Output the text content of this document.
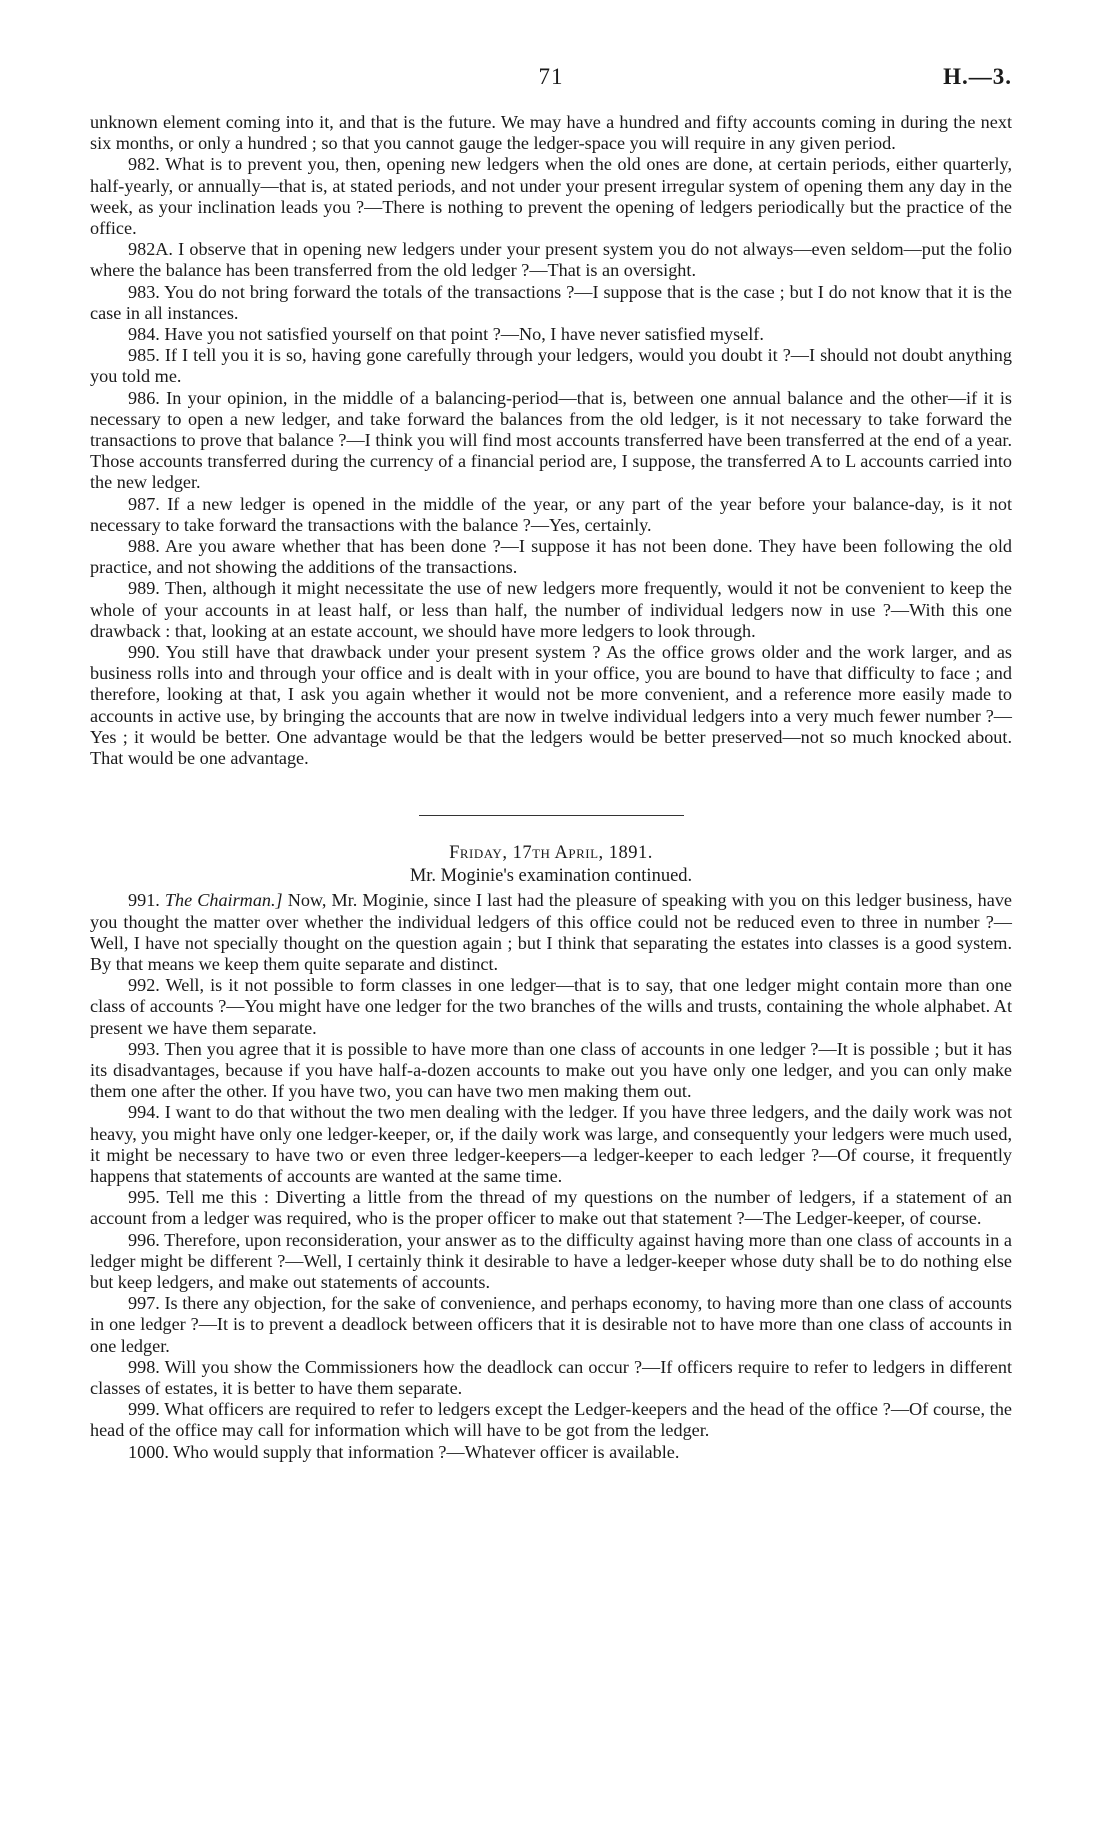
71	H.—3.

unknown element coming into it, and that is the future. We may have a hundred and fifty accounts coming in during the next six months, or only a hundred ; so that you cannot gauge the ledger-space you will require in any given period.

982. What is to prevent you, then, opening new ledgers when the old ones are done, at certain periods, either quarterly, half-yearly, or annually—that is, at stated periods, and not under your present irregular system of opening them any day in the week, as your inclination leads you ?—There is nothing to prevent the opening of ledgers periodically but the practice of the office.

982A. I observe that in opening new ledgers under your present system you do not always—even seldom—put the folio where the balance has been transferred from the old ledger ?—That is an oversight.

983. You do not bring forward the totals of the transactions ?—I suppose that is the case ; but I do not know that it is the case in all instances.

984. Have you not satisfied yourself on that point ?—No, I have never satisfied myself.

985. If I tell you it is so, having gone carefully through your ledgers, would you doubt it ?—I should not doubt anything you told me.

986. In your opinion, in the middle of a balancing-period—that is, between one annual balance and the other—if it is necessary to open a new ledger, and take forward the balances from the old ledger, is it not necessary to take forward the transactions to prove that balance ?—I think you will find most accounts transferred have been transferred at the end of a year. Those accounts transferred during the currency of a financial period are, I suppose, the transferred A to L accounts carried into the new ledger.

987. If a new ledger is opened in the middle of the year, or any part of the year before your balance-day, is it not necessary to take forward the transactions with the balance ?—Yes, certainly.

988. Are you aware whether that has been done ?—I suppose it has not been done. They have been following the old practice, and not showing the additions of the transactions.

989. Then, although it might necessitate the use of new ledgers more frequently, would it not be convenient to keep the whole of your accounts in at least half, or less than half, the number of individual ledgers now in use ?—With this one drawback : that, looking at an estate account, we should have more ledgers to look through.

990. You still have that drawback under your present system ? As the office grows older and the work larger, and as business rolls into and through your office and is dealt with in your office, you are bound to have that difficulty to face ; and therefore, looking at that, I ask you again whether it would not be more convenient, and a reference more easily made to accounts in active use, by bringing the accounts that are now in twelve individual ledgers into a very much fewer number ?—Yes ; it would be better. One advantage would be that the ledgers would be better preserved—not so much knocked about. That would be one advantage.

Friday, 17th April, 1891.
Mr. Moginie's examination continued.

991. The Chairman.] Now, Mr. Moginie, since I last had the pleasure of speaking with you on this ledger business, have you thought the matter over whether the individual ledgers of this office could not be reduced even to three in number ?—Well, I have not specially thought on the question again ; but I think that separating the estates into classes is a good system. By that means we keep them quite separate and distinct.

992. Well, is it not possible to form classes in one ledger—that is to say, that one ledger might contain more than one class of accounts ?—You might have one ledger for the two branches of the wills and trusts, containing the whole alphabet. At present we have them separate.

993. Then you agree that it is possible to have more than one class of accounts in one ledger ?—It is possible ; but it has its disadvantages, because if you have half-a-dozen accounts to make out you have only one ledger, and you can only make them one after the other. If you have two, you can have two men making them out.

994. I want to do that without the two men dealing with the ledger. If you have three ledgers, and the daily work was not heavy, you might have only one ledger-keeper, or, if the daily work was large, and consequently your ledgers were much used, it might be necessary to have two or even three ledger-keepers—a ledger-keeper to each ledger ?—Of course, it frequently happens that statements of accounts are wanted at the same time.

995. Tell me this : Diverting a little from the thread of my questions on the number of ledgers, if a statement of an account from a ledger was required, who is the proper officer to make out that statement ?—The Ledger-keeper, of course.

996. Therefore, upon reconsideration, your answer as to the difficulty against having more than one class of accounts in a ledger might be different ?—Well, I certainly think it desirable to have a ledger-keeper whose duty shall be to do nothing else but keep ledgers, and make out statements of accounts.

997. Is there any objection, for the sake of convenience, and perhaps economy, to having more than one class of accounts in one ledger ?—It is to prevent a deadlock between officers that it is desirable not to have more than one class of accounts in one ledger.

998. Will you show the Commissioners how the deadlock can occur ?—If officers require to refer to ledgers in different classes of estates, it is better to have them separate.

999. What officers are required to refer to ledgers except the Ledger-keepers and the head of the office ?—Of course, the head of the office may call for information which will have to be got from the ledger.

1000. Who would supply that information ?—Whatever officer is available.
